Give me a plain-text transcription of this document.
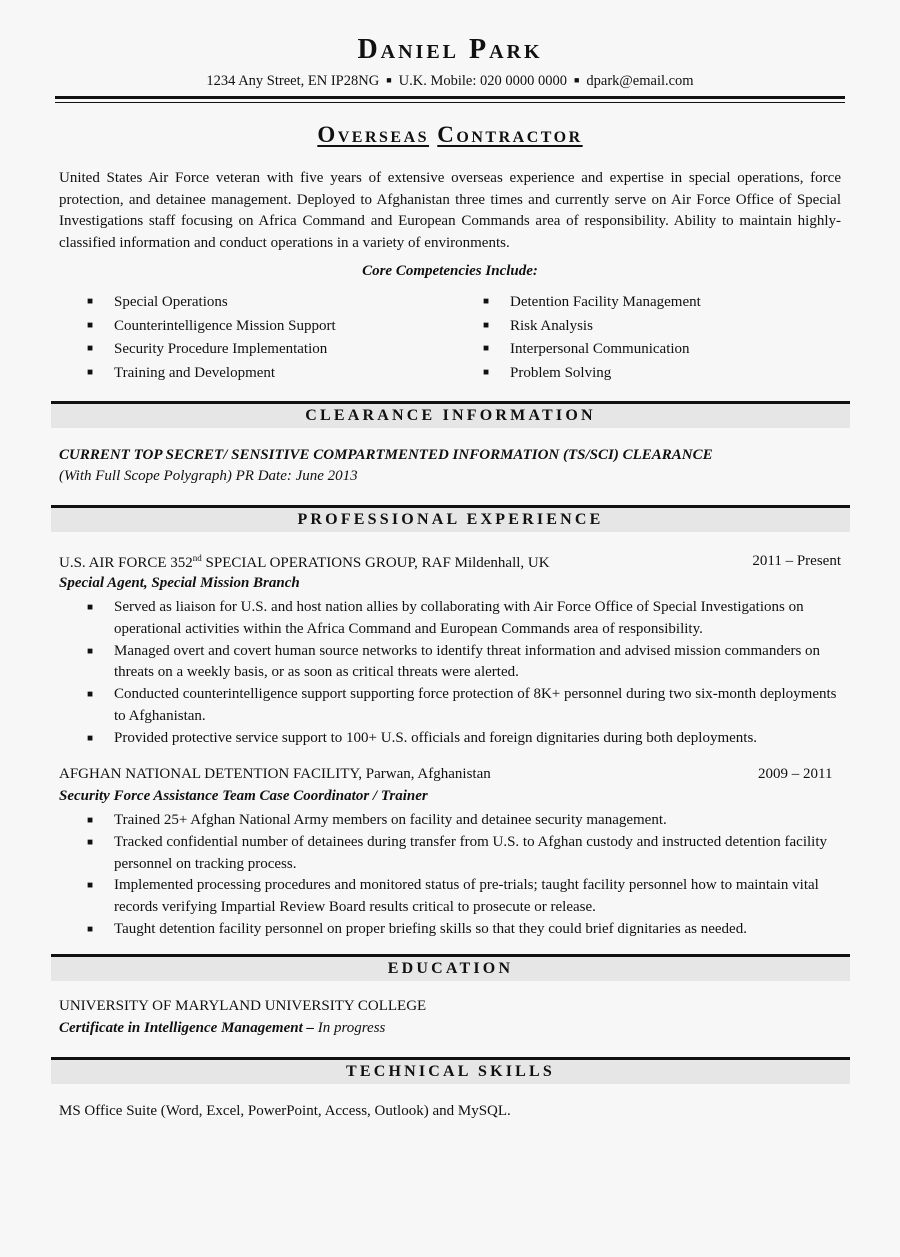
Daniel Park
1234 Any Street, EN IP28NG ■ U.K. Mobile: 020 0000 0000 ■ dpark@email.com
Overseas Contractor

United States Air Force veteran with five years of extensive overseas experience and expertise in special operations, force protection, and detainee management. Deployed to Afghanistan three times and currently serve on Air Force Office of Special Investigations staff focusing on Africa Command and European Commands area of responsibility. Ability to maintain highly-classified information and conduct operations in a variety of environments.

Core Competencies Include:
■ Special Operations
■ Counterintelligence Mission Support
■ Security Procedure Implementation
■ Training and Development
■ Detention Facility Management
■ Risk Analysis
■ Interpersonal Communication
■ Problem Solving
CLEARANCE INFORMATION
CURRENT TOP SECRET/ SENSITIVE COMPARTMENTED INFORMATION (TS/SCI) CLEARANCE
(With Full Scope Polygraph) PR Date: June 2013
PROFESSIONAL EXPERIENCE
U.S. AIR FORCE 352nd SPECIAL OPERATIONS GROUP, RAF Mildenhall, UK	2011 – Present
Special Agent, Special Mission Branch
■ Served as liaison for U.S. and host nation allies by collaborating with Air Force Office of Special Investigations on operational activities within the Africa Command and European Commands area of responsibility.
■ Managed overt and covert human source networks to identify threat information and advised mission commanders on threats on a weekly basis, or as soon as critical threats were alerted.
■ Conducted counterintelligence support supporting force protection of 8K+ personnel during two six-month deployments to Afghanistan.
■ Provided protective service support to 100+ U.S. officials and foreign dignitaries during both deployments.
AFGHAN NATIONAL DETENTION FACILITY, Parwan, Afghanistan	2009 – 2011
Security Force Assistance Team Case Coordinator / Trainer
■ Trained 25+ Afghan National Army members on facility and detainee security management.
■ Tracked confidential number of detainees during transfer from U.S. to Afghan custody and instructed detention facility personnel on tracking process.
■ Implemented processing procedures and monitored status of pre-trials; taught facility personnel how to maintain vital records verifying Impartial Review Board results critical to prosecute or release.
■ Taught detention facility personnel on proper briefing skills so that they could brief dignitaries as needed.
EDUCATION
UNIVERSITY OF MARYLAND UNIVERSITY COLLEGE
Certificate in Intelligence Management – In progress
TECHNICAL SKILLS
MS Office Suite (Word, Excel, PowerPoint, Access, Outlook) and MySQL.
